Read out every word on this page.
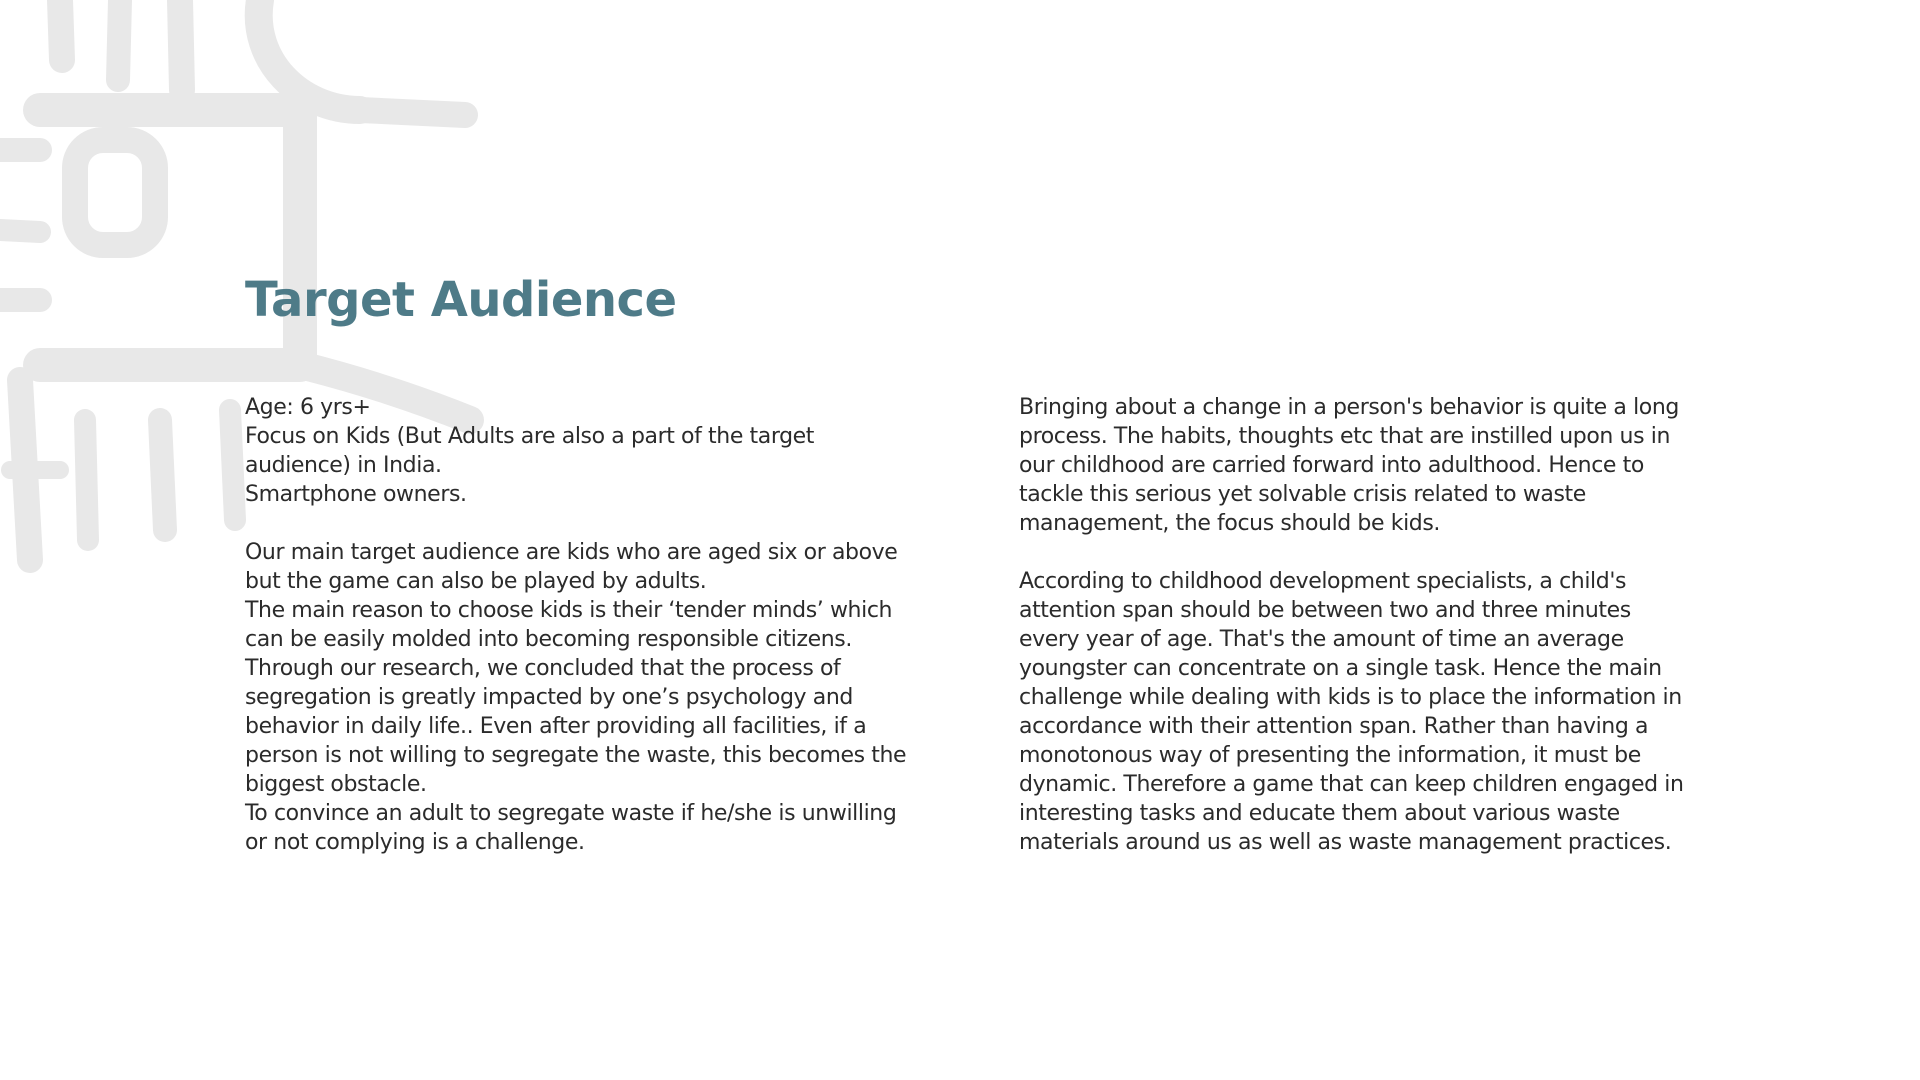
Target Audience
Age: 6 yrs+
Focus on Kids (But Adults are also a part of the target
audience) in India.
Smartphone owners.
Our main target audience are kids who are aged six or above
but the game can also be played by adults.
The main reason to choose kids is their ‘tender minds’ which
can be easily molded into becoming responsible citizens.
Through our research, we concluded that the process of
segregation is greatly impacted by one’s psychology and
behavior in daily life.. Even after providing all facilities, if a
person is not willing to segregate the waste, this becomes the
biggest obstacle.
To convince an adult to segregate waste if he/she is unwilling
or not complying is a challenge.
Bringing about a change in a person's behavior is quite a long
process. The habits, thoughts etc that are instilled upon us in
our childhood are carried forward into adulthood. Hence to
tackle this serious yet solvable crisis related to waste
management, the focus should be kids.
According to childhood development specialists, a child's
attention span should be between two and three minutes
every year of age. That's the amount of time an average
youngster can concentrate on a single task. Hence the main
challenge while dealing with kids is to place the information in
accordance with their attention span. Rather than having a
monotonous way of presenting the information, it must be
dynamic. Therefore a game that can keep children engaged in
interesting tasks and educate them about various waste
materials around us as well as waste management practices.
